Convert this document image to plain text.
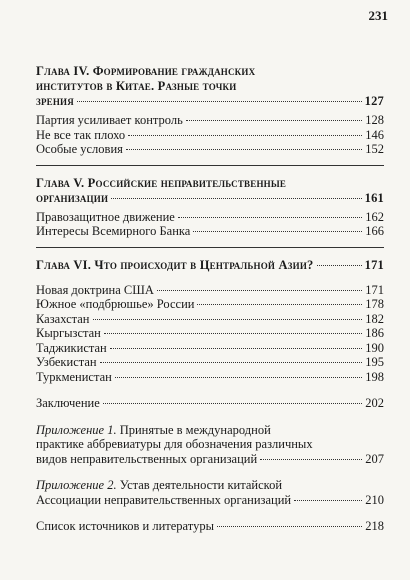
231
Глава IV. Формирование гражданских
институтов в Китае. Разные точки
зрения	127
Партия усиливает контроль	128
Не все так плохо	146
Особые условия	152
Глава V. Российские неправительственные
организации	161
Правозащитное движение	162
Интересы Всемирного Банка	166
Глава VI. Что происходит в Центральной Азии?	171
Новая доктрина США	171
Южное «подбрюшье» России	178
Казахстан	182
Кыргызстан	186
Таджикистан	190
Узбекистан	195
Туркменистан	198
Заключение	202
Приложение 1. Принятые в международной
практике аббревиатуры для обозначения различных
видов неправительственных организаций	207
Приложение 2. Устав деятельности китайской
Ассоциации неправительственных организаций	210
Список источников и литературы	218
